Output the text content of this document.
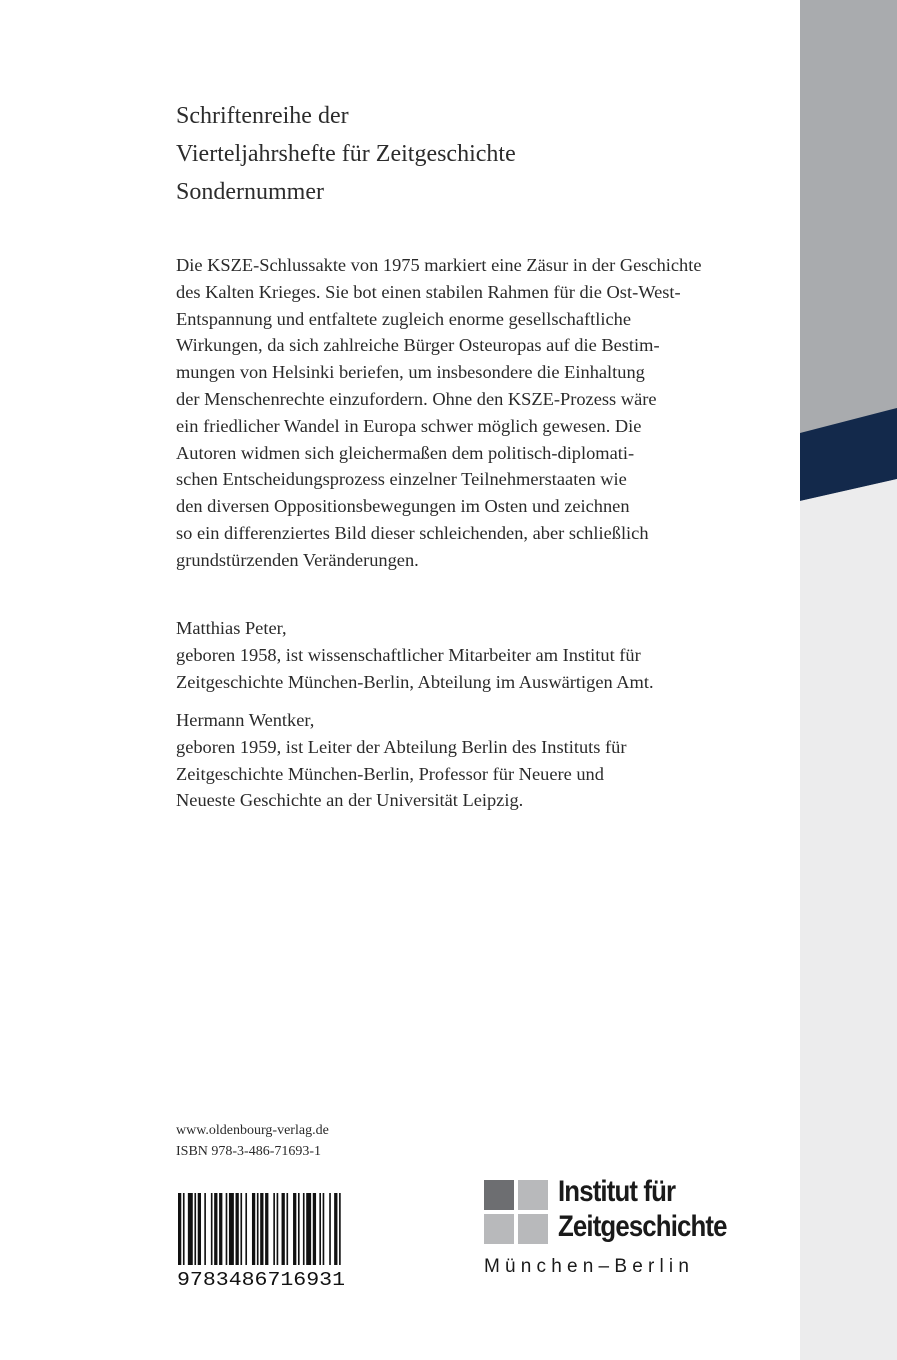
Schriftenreihe der
Vierteljahrshefte für Zeitgeschichte
Sondernummer
Die KSZE-Schlussakte von 1975 markiert eine Zäsur in der Geschichte
des Kalten Krieges. Sie bot einen stabilen Rahmen für die Ost-West-
Entspannung und entfaltete zugleich enorme gesellschaftliche
Wirkungen, da sich zahlreiche Bürger Osteuropas auf die Bestim-
mungen von Helsinki beriefen, um insbesondere die Einhaltung
der Menschenrechte einzufordern. Ohne den KSZE-Prozess wäre
ein friedlicher Wandel in Europa schwer möglich gewesen. Die
Autoren widmen sich gleichermaßen dem politisch-diplomati-
schen Entscheidungsprozess einzelner Teilnehmerstaaten wie
den diversen Oppositionsbewegungen im Osten und zeichnen
so ein differenziertes Bild dieser schleichenden, aber schließlich
grundstürzenden Veränderungen.
Matthias Peter,
geboren 1958, ist wissenschaftlicher Mitarbeiter am Institut für
Zeitgeschichte München-Berlin, Abteilung im Auswärtigen Amt.
Hermann Wentker,
geboren 1959, ist Leiter der Abteilung Berlin des Instituts für
Zeitgeschichte München-Berlin, Professor für Neuere und
Neueste Geschichte an der Universität Leipzig.
www.oldenbourg-verlag.de
ISBN 978-3-486-71693-1
9783486716931
Institut für
Zeitgeschichte
München–Berlin
